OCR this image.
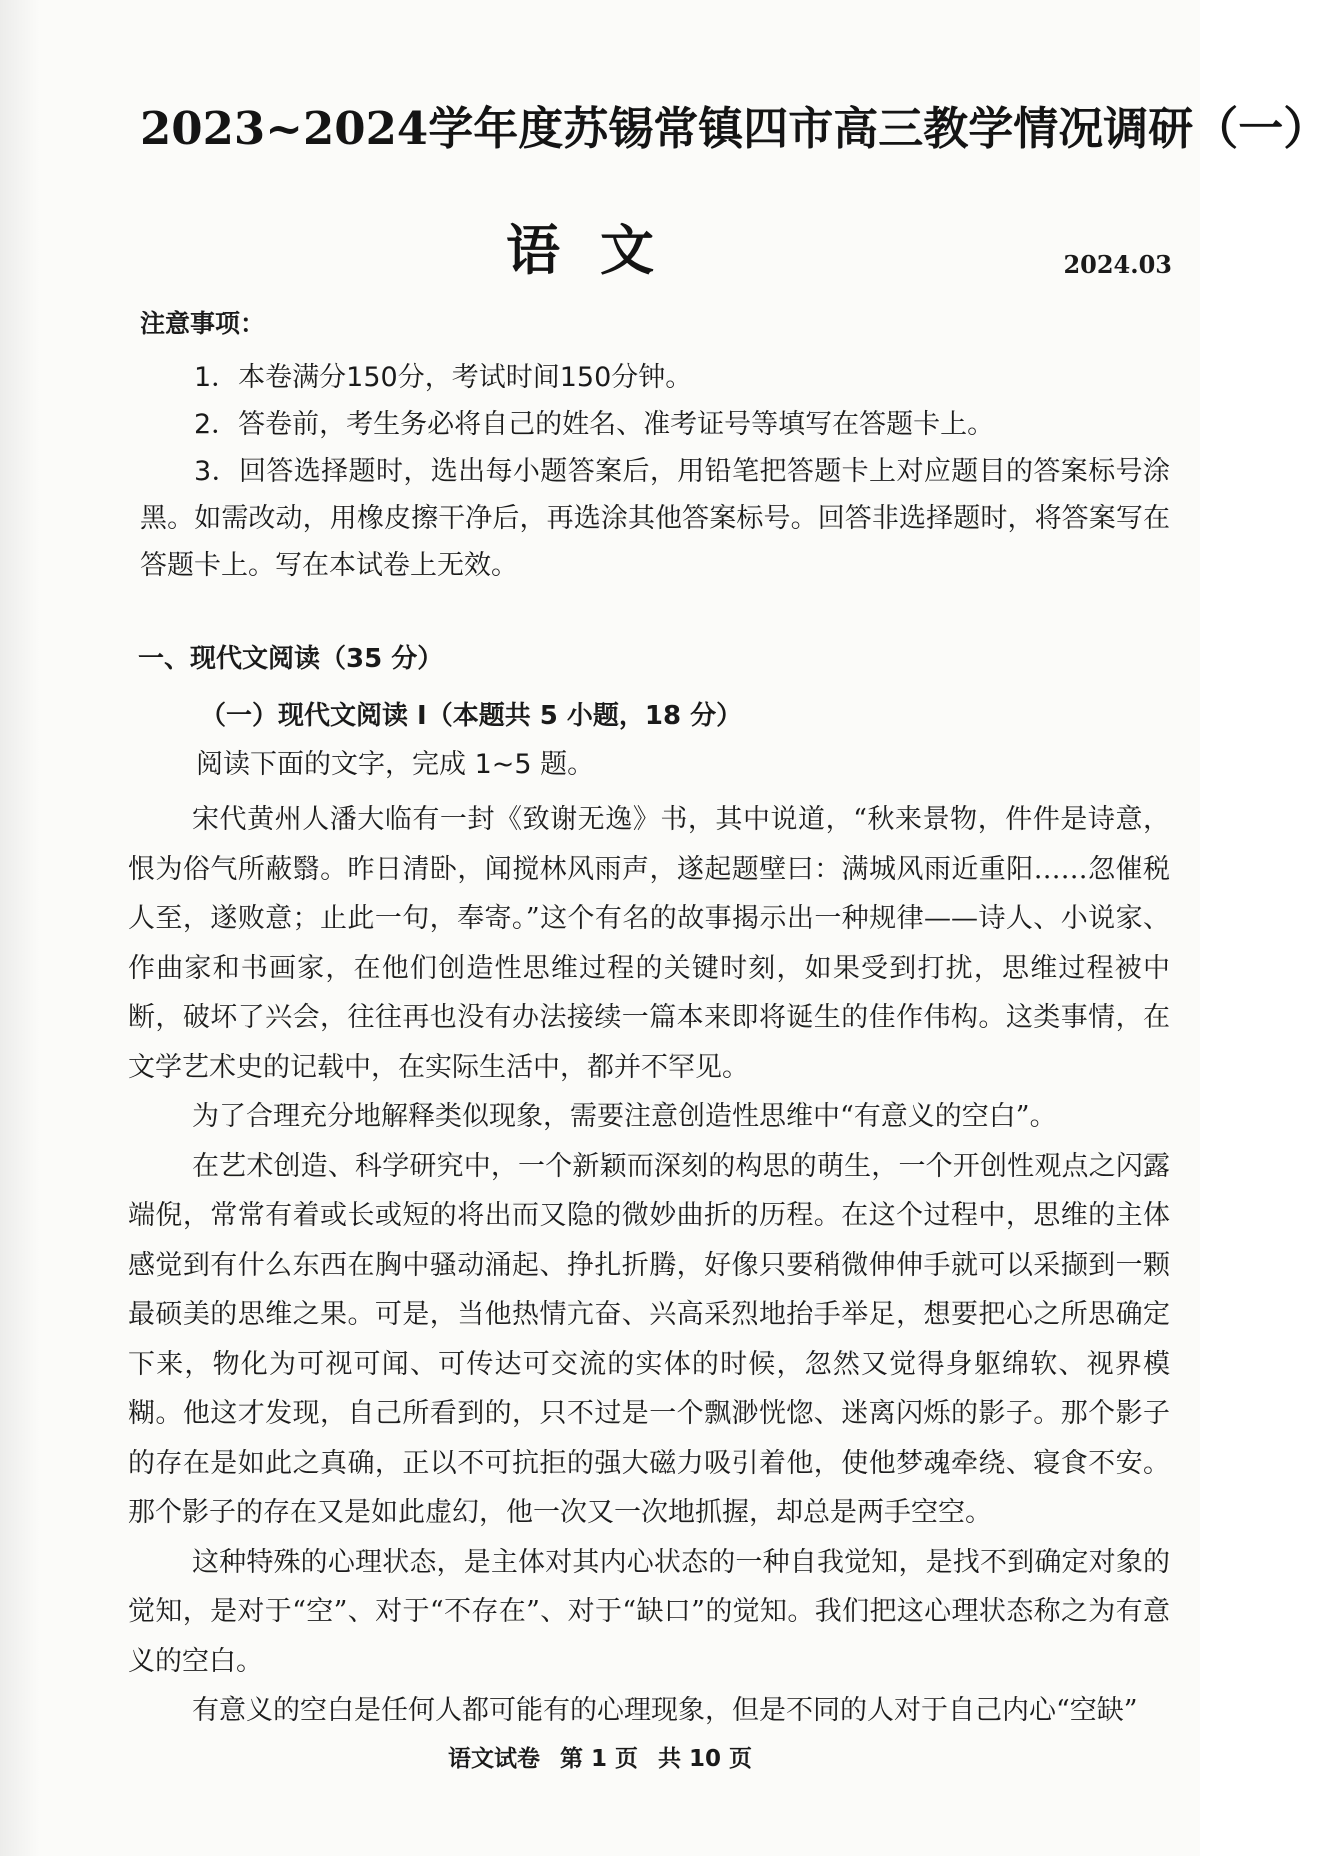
2023~2024学年度苏锡常镇四市高三教学情况调研（一）
语文	2024.03
注意事项：

1．本卷满分150分，考试时间150分钟。

2．答卷前，考生务必将自己的姓名、准考证号等填写在答题卡上。

3．回答选择题时，选出每小题答案后，用铅笔把答题卡上对应题目的答案标号涂黑。如需改动，用橡皮擦干净后，再选涂其他答案标号。回答非选择题时，将答案写在答题卡上。写在本试卷上无效。

一、现代文阅读（35 分）
（一）现代文阅读 I（本题共 5 小题，18 分）
阅读下面的文字，完成 1~5 题。

宋代黄州人潘大临有一封《致谢无逸》书，其中说道，“秋来景物，件件是诗意，恨为俗气所蔽翳。昨日清卧，闻搅林风雨声，遂起题壁曰：满城风雨近重阳……忽催税人至，遂败意；止此一句，奉寄。”这个有名的故事揭示出一种规律——诗人、小说家、作曲家和书画家，在他们创造性思维过程的关键时刻，如果受到打扰，思维过程被中断，破坏了兴会，往往再也没有办法接续一篇本来即将诞生的佳作伟构。这类事情，在文学艺术史的记载中，在实际生活中，都并不罕见。

为了合理充分地解释类似现象，需要注意创造性思维中“有意义的空白”。

在艺术创造、科学研究中，一个新颖而深刻的构思的萌生，一个开创性观点之闪露端倪，常常有着或长或短的将出而又隐的微妙曲折的历程。在这个过程中，思维的主体感觉到有什么东西在胸中骚动涌起、挣扎折腾，好像只要稍微伸伸手就可以采撷到一颗最硕美的思维之果。可是，当他热情亢奋、兴高采烈地抬手举足，想要把心之所思确定下来，物化为可视可闻、可传达可交流的实体的时候，忽然又觉得身躯绵软、视界模糊。他这才发现，自己所看到的，只不过是一个飘渺恍惚、迷离闪烁的影子。那个影子的存在是如此之真确，正以不可抗拒的强大磁力吸引着他，使他梦魂牵绕、寝食不安。那个影子的存在又是如此虚幻，他一次又一次地抓握，却总是两手空空。

这种特殊的心理状态，是主体对其内心状态的一种自我觉知，是找不到确定对象的觉知，是对于“空”、对于“不存在”、对于“缺口”的觉知。我们把这心理状态称之为有意义的空白。

有意义的空白是任何人都可能有的心理现象，但是不同的人对于自己内心“空缺”

语文试卷 第 1 页 共 10 页
